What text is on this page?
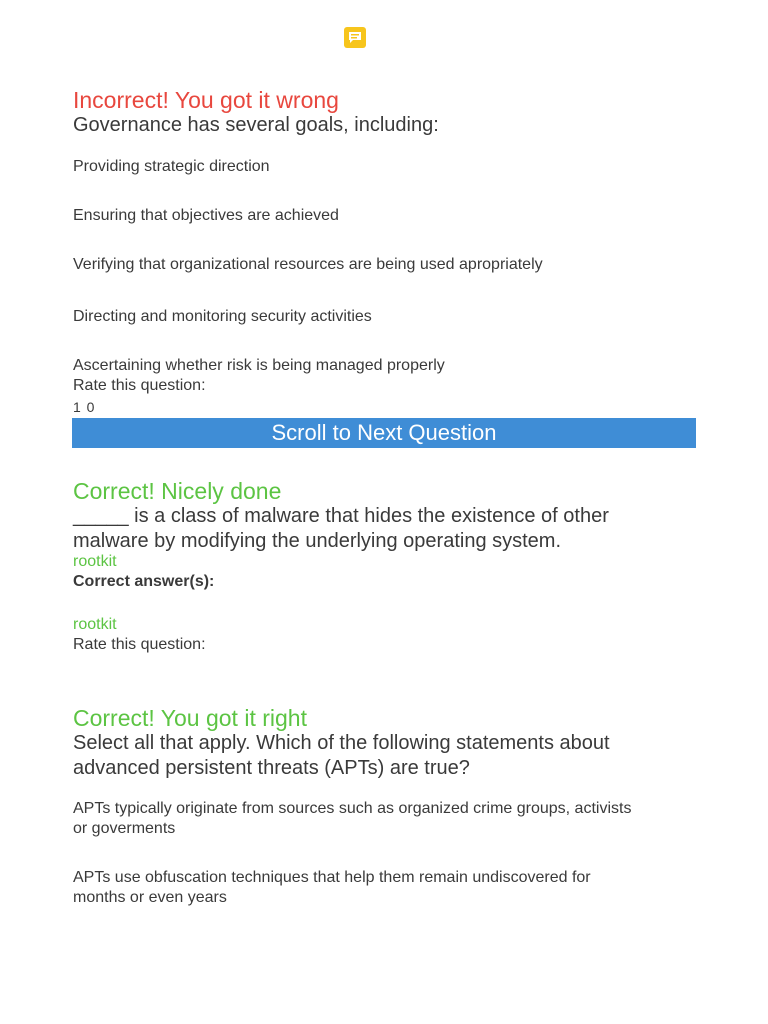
Incorrect! You got it wrong
Governance has several goals, including:
Providing strategic direction
Ensuring that objectives are achieved
Verifying that organizational resources are being used apropriately
Directing and monitoring security activities
Ascertaining whether risk is being managed properly
Rate this question:
1 0
Scroll to Next Question
Correct! Nicely done
_____ is a class of malware that hides the existence of other
malware by modifying the underlying operating system.
rootkit
Correct answer(s):
rootkit
Rate this question:
Correct! You got it right
Select all that apply. Which of the following statements about
advanced persistent threats (APTs) are true?
APTs typically originate from sources such as organized crime groups, activists
or goverments
APTs use obfuscation techniques that help them remain undiscovered for
months or even years
